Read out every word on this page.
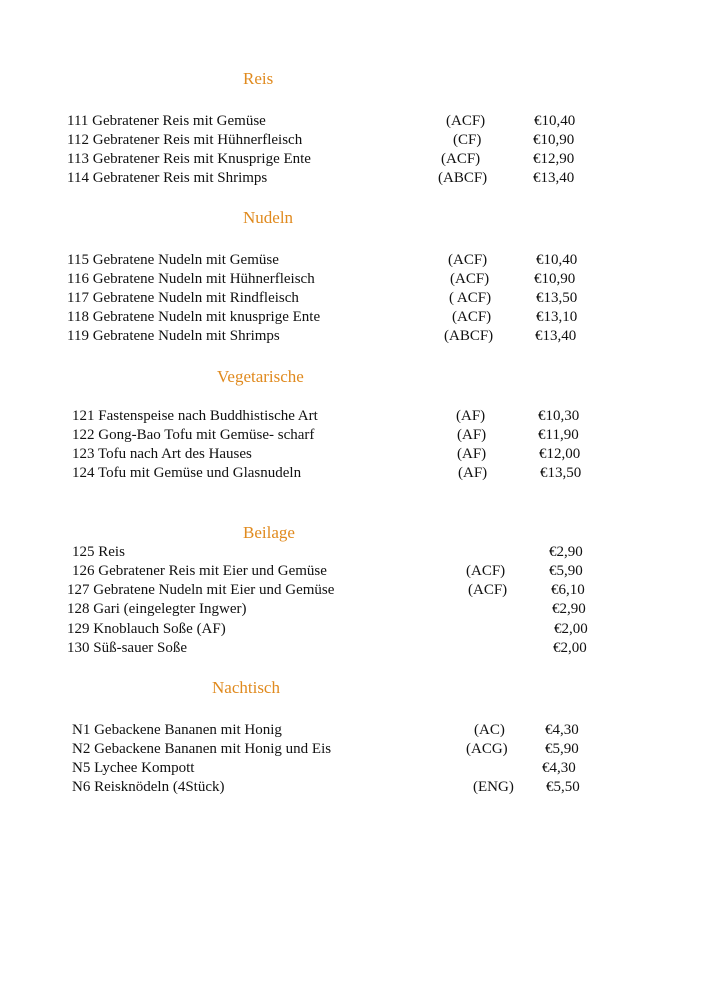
Reis
111 Gebratener Reis mit Gemüse	(ACF)	€10,40
112 Gebratener Reis mit Hühnerfleisch	(CF)	€10,90
113 Gebratener Reis mit Knusprige Ente	(ACF)	€12,90
114 Gebratener Reis mit Shrimps	(ABCF)	€13,40
Nudeln
115 Gebratene Nudeln mit Gemüse	(ACF)	€10,40
116 Gebratene Nudeln mit Hühnerfleisch	(ACF)	€10,90
117 Gebratene Nudeln mit Rindfleisch	( ACF)	€13,50
118 Gebratene Nudeln mit knusprige Ente	(ACF)	€13,10
119 Gebratene Nudeln mit Shrimps	(ABCF)	€13,40
Vegetarische
121 Fastenspeise nach Buddhistische Art	(AF)	€10,30
122 Gong-Bao Tofu mit Gemüse- scharf	(AF)	€11,90
123 Tofu nach Art des Hauses	(AF)	€12,00
124 Tofu mit Gemüse und Glasnudeln	(AF)	€13,50
Beilage
125 Reis	€2,90
126 Gebratener Reis mit Eier und Gemüse	(ACF)	€5,90
127 Gebratene Nudeln mit Eier und Gemüse	(ACF)	€6,10
128 Gari (eingelegter Ingwer)	€2,90
129 Knoblauch Soße (AF)	€2,00
130 Süß-sauer Soße	€2,00
Nachtisch
N1 Gebackene Bananen mit Honig	(AC)	€4,30
N2 Gebackene Bananen mit Honig und Eis	(ACG) €5,90
N5 Lychee Kompott	€4,30
N6 Reisknödeln (4Stück)	(ENG) €5,50
